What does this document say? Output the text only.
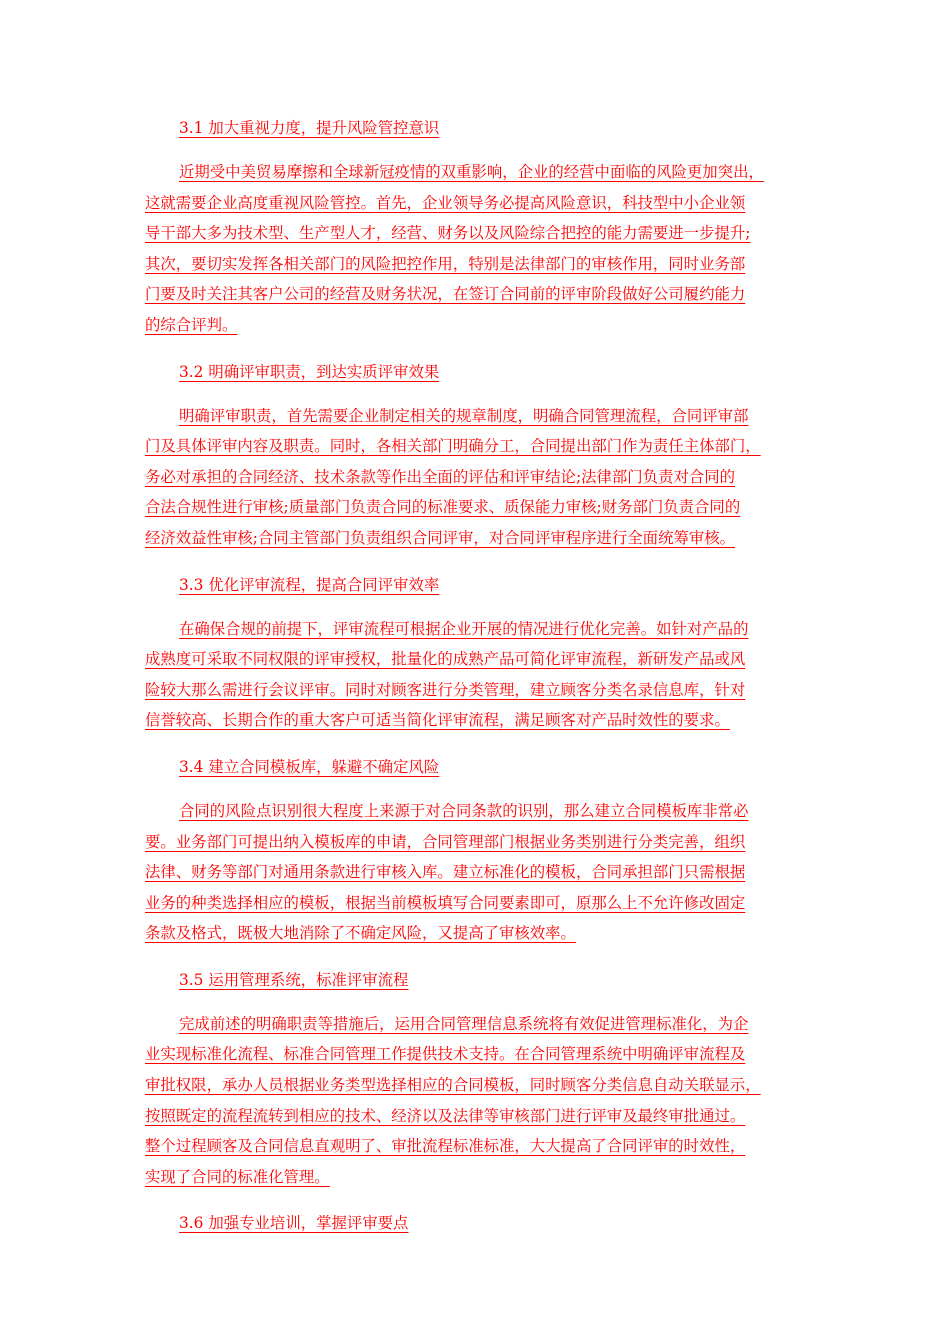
3.1 加大重视力度，提升风险管控意识
近期受中美贸易摩擦和全球新冠疫情的双重影响，企业的经营中面临的风险更加突出，
这就需要企业高度重视风险管控。首先，企业领导务必提高风险意识，科技型中小企业领
导干部大多为技术型、生产型人才，经营、财务以及风险综合把控的能力需要进一步提升;
其次，要切实发挥各相关部门的风险把控作用，特别是法律部门的审核作用，同时业务部
门要及时关注其客户公司的经营及财务状况，在签订合同前的评审阶段做好公司履约能力
的综合评判。
3.2 明确评审职责，到达实质评审效果
明确评审职责，首先需要企业制定相关的规章制度，明确合同管理流程，合同评审部
门及具体评审内容及职责。同时，各相关部门明确分工，合同提出部门作为责任主体部门，
务必对承担的合同经济、技术条款等作出全面的评估和评审结论;法律部门负责对合同的
合法合规性进行审核;质量部门负责合同的标准要求、质保能力审核;财务部门负责合同的
经济效益性审核;合同主管部门负责组织合同评审，对合同评审程序进行全面统筹审核。
3.3 优化评审流程，提高合同评审效率
在确保合规的前提下，评审流程可根据企业开展的情况进行优化完善。如针对产品的
成熟度可采取不同权限的评审授权，批量化的成熟产品可简化评审流程，新研发产品或风
险较大那么需进行会议评审。同时对顾客进行分类管理，建立顾客分类名录信息库，针对
信誉较高、长期合作的重大客户可适当简化评审流程，满足顾客对产品时效性的要求。
3.4 建立合同模板库，躲避不确定风险
合同的风险点识别很大程度上来源于对合同条款的识别，那么建立合同模板库非常必
要。业务部门可提出纳入模板库的申请，合同管理部门根据业务类别进行分类完善，组织
法律、财务等部门对通用条款进行审核入库。建立标准化的模板，合同承担部门只需根据
业务的种类选择相应的模板，根据当前模板填写合同要素即可，原那么上不允许修改固定
条款及格式，既极大地消除了不确定风险，又提高了审核效率。
3.5 运用管理系统，标准评审流程
完成前述的明确职责等措施后，运用合同管理信息系统将有效促进管理标准化，为企
业实现标准化流程、标准合同管理工作提供技术支持。在合同管理系统中明确评审流程及
审批权限，承办人员根据业务类型选择相应的合同模板，同时顾客分类信息自动关联显示，
按照既定的流程流转到相应的技术、经济以及法律等审核部门进行评审及最终审批通过。
整个过程顾客及合同信息直观明了、审批流程标准标准，大大提高了合同评审的时效性，
实现了合同的标准化管理。
3.6 加强专业培训，掌握评审要点
